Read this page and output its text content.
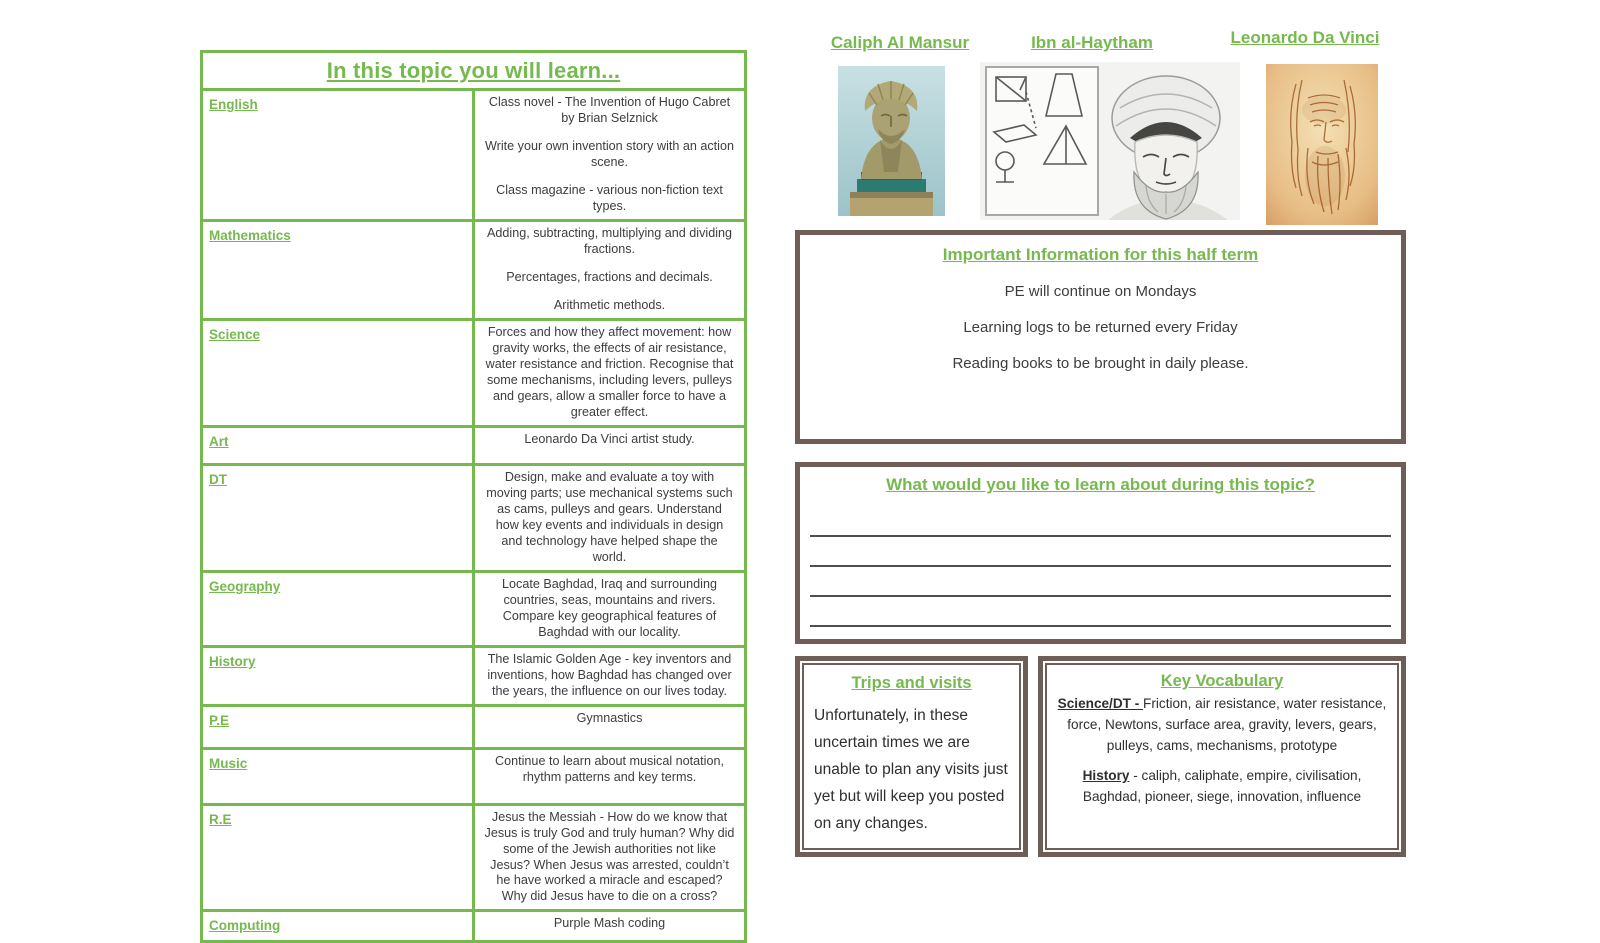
In this topic you will learn...	
English	Class novel - The Invention of Hugo Cabret by Brian Selznick
Write your own invention story with an action scene.
Class magazine - various non-fiction text types.

Mathematics	Adding, subtracting, multiplying and dividing fractions.
Percentages, fractions and decimals.
Arithmetic methods.

Science	Forces and how they affect movement: how gravity works, the effects of air resistance, water resistance and friction. Recognise that some mechanisms, including levers, pulleys and gears, allow a smaller force to have a greater effect.

Art	Leonardo Da Vinci artist study.

DT	Design, make and evaluate a toy with moving parts; use mechanical systems such as cams, pulleys and gears. Understand how key events and individuals in design and technology have helped shape the world.

Geography	Locate Baghdad, Iraq and surrounding countries, seas, mountains and rivers. Compare key geographical features of Baghdad with our locality.

History	The Islamic Golden Age - key inventors and inventions, how Baghdad has changed over the years, the influence on our lives today.

P.E	Gymnastics

Music	Continue to learn about musical notation, rhythm patterns and key terms.

R.E	Jesus the Messiah - How do we know that Jesus is truly God and truly human? Why did some of the Jewish authorities not like Jesus? When Jesus was arrested, couldn’t he have worked a miracle and escaped? Why did Jesus have to die on a cross?

Computing	Purple Mash coding
Caliph Al Mansur	Ibn al-Haytham	Leonardo Da Vinci
Important Information for this half term
PE will continue on Mondays
Learning logs to be returned every Friday
Reading books to be brought in daily please.
What would you like to learn about during this topic?
Trips and visits

Unfortunately, in these uncertain times we are unable to plan any visits just yet but will keep you posted on any changes.

Key Vocabulary

Science/DT - Friction, air resistance, water resistance, force, Newtons, surface area, gravity, levers, gears, pulleys, cams, mechanisms, prototype

History - caliph, caliphate, empire, civilisation, Baghdad, pioneer, siege, innovation, influence
